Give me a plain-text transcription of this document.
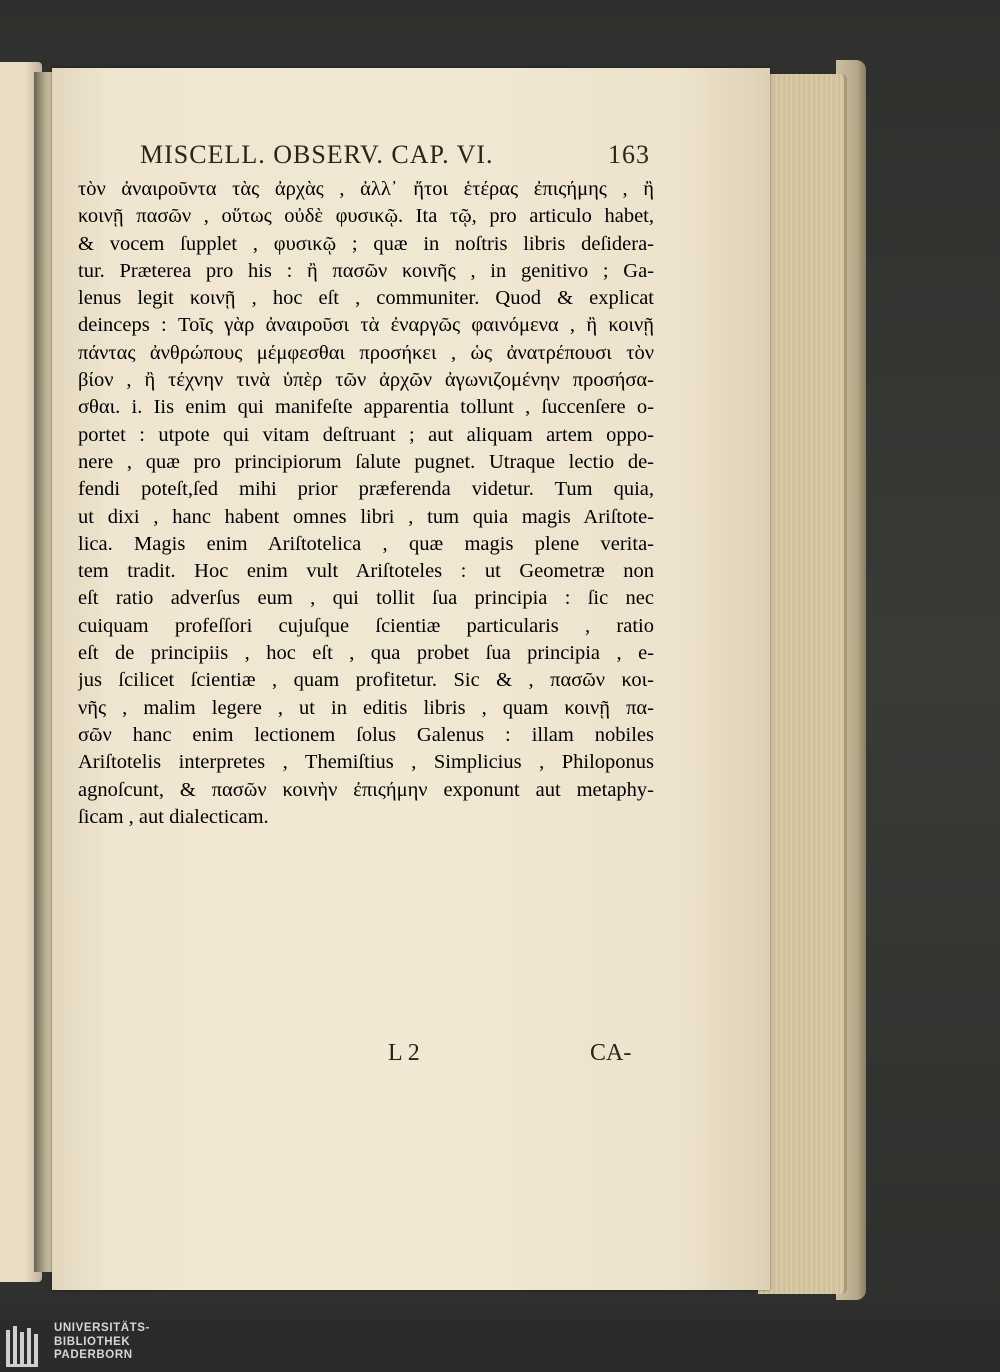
MISCELL. OBSERV. CAP. VI.	163
τὸν ἀναιροῦντα τὰς ἀρχὰς , ἀλλ᾽ ἤτοι ἑτέρας ἐπιςήμης , ἢ
κοινῇ πασῶν , οὕτως οὐδὲ φυσικῷ. Ita τῷ, pro articulo habet,
& vocem ſupplet , φυσικῷ ; quæ in noſtris libris deſidera-
tur. Præterea pro his : ἢ πασῶν κοινῆς , in genitivo ; Ga-
lenus legit κοινῇ , hoc eſt , communiter. Quod & explicat
deinceps : Τοῖς γὰρ ἀναιροῦσι τὰ ἐναργῶς φαινόμενα , ἢ κοινῇ
πάντας ἀνθρώπους μέμφεσθαι προσήκει , ὡς ἀνατρέπουσι τὸν
βίον , ἢ τέχνην τινὰ ὑπὲρ τῶν ἀρχῶν ἀγωνιζομένην προσήσα-
σθαι. i. Iis enim qui manifeſte apparentia tollunt , ſuccenſere o-
portet : utpote qui vitam deſtruant ; aut aliquam artem oppo-
nere , quæ pro principiorum ſalute pugnet. Utraque lectio de-
fendi poteſt,ſed mihi prior præferenda videtur. Tum quia,
ut dixi , hanc habent omnes libri , tum quia magis Ariſtote-
lica. Magis enim Ariſtotelica , quæ magis plene verita-
tem tradit. Hoc enim vult Ariſtoteles : ut Geometræ non
eſt ratio adverſus eum , qui tollit ſua principia : ſic nec
cuiquam profeſſori cujuſque ſcientiæ particularis , ratio
eſt de principiis , hoc eſt , qua probet ſua principia , e-
jus ſcilicet ſcientiæ , quam profitetur. Sic & , πασῶν κοι-
νῆς , malim legere , ut in editis libris , quam κοινῇ πα-
σῶν hanc enim lectionem ſolus Galenus : illam nobiles
Ariſtotelis interpretes , Themiſtius , Simplicius , Philoponus
agnoſcunt, & πασῶν κοινὴν ἐπιςήμην exponunt aut metaphy-
ſicam , aut dialecticam.
L 2	CA-
UNIVERSITÄTS-
BIBLIOTHEK
PADERBORN
